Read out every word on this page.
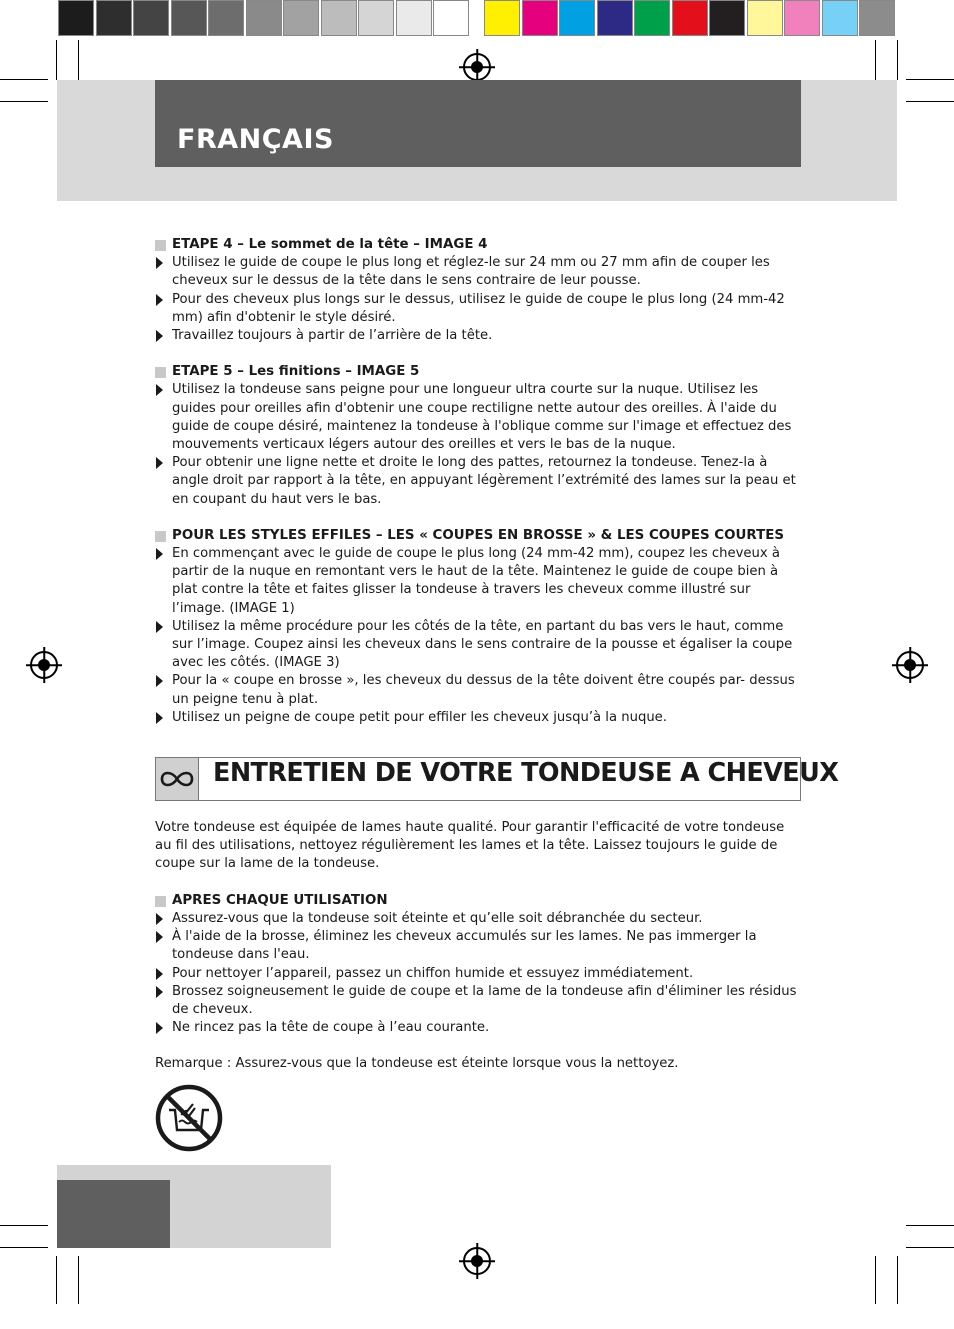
FRANÇAIS
ETAPE 4 – Le sommet de la tête – IMAGE 4
Utilisez le guide de coupe le plus long et réglez-le sur 24 mm ou 27 mm afin de couper les cheveux sur le dessus de la tête dans le sens contraire de leur pousse.
Pour des cheveux plus longs sur le dessus, utilisez le guide de coupe le plus long (24 mm-42 mm) afin d'obtenir le style désiré.
Travaillez toujours à partir de l’arrière de la tête.
ETAPE 5 – Les finitions – IMAGE 5
Utilisez la tondeuse sans peigne pour une longueur ultra courte sur la nuque. Utilisez les guides pour oreilles afin d'obtenir une coupe rectiligne nette autour des oreilles. À l'aide du guide de coupe désiré, maintenez la tondeuse à l'oblique comme sur l'image et effectuez des mouvements verticaux légers autour des oreilles et vers le bas de la nuque.
Pour obtenir une ligne nette et droite le long des pattes, retournez la tondeuse. Tenez-la à angle droit par rapport à la tête, en appuyant légèrement l’extrémité des lames sur la peau et en coupant du haut vers le bas.
POUR LES STYLES EFFILES – LES « COUPES EN BROSSE » & LES COUPES COURTES
En commençant avec le guide de coupe le plus long (24 mm-42 mm), coupez les cheveux à partir de la nuque en remontant vers le haut de la tête. Maintenez le guide de coupe bien à plat contre la tête et faites glisser la tondeuse à travers les cheveux comme illustré sur l’image. (IMAGE 1)
Utilisez la même procédure pour les côtés de la tête, en partant du bas vers le haut, comme sur l’image. Coupez ainsi les cheveux dans le sens contraire de la pousse et égaliser la coupe avec les côtés. (IMAGE 3)
Pour la « coupe en brosse », les cheveux du dessus de la tête doivent être coupés par- dessus un peigne tenu à plat.
Utilisez un peigne de coupe petit pour effiler les cheveux jusqu’à la nuque.
ENTRETIEN DE VOTRE TONDEUSE A CHEVEUX

Votre tondeuse est équipée de lames haute qualité. Pour garantir l'efficacité de votre tondeuse au fil des utilisations, nettoyez régulièrement les lames et la tête. Laissez toujours le guide de coupe sur la lame de la tondeuse.

APRES CHAQUE UTILISATION
Assurez-vous que la tondeuse soit éteinte et qu’elle soit débranchée du secteur.
À l'aide de la brosse, éliminez les cheveux accumulés sur les lames. Ne pas immerger la tondeuse dans l'eau.
Pour nettoyer l’appareil, passez un chiffon humide et essuyez immédiatement.
Brossez soigneusement le guide de coupe et la lame de la tondeuse afin d'éliminer les résidus de cheveux.
Ne rincez pas la tête de coupe à l’eau courante.

Remarque : Assurez-vous que la tondeuse est éteinte lorsque vous la nettoyez.
